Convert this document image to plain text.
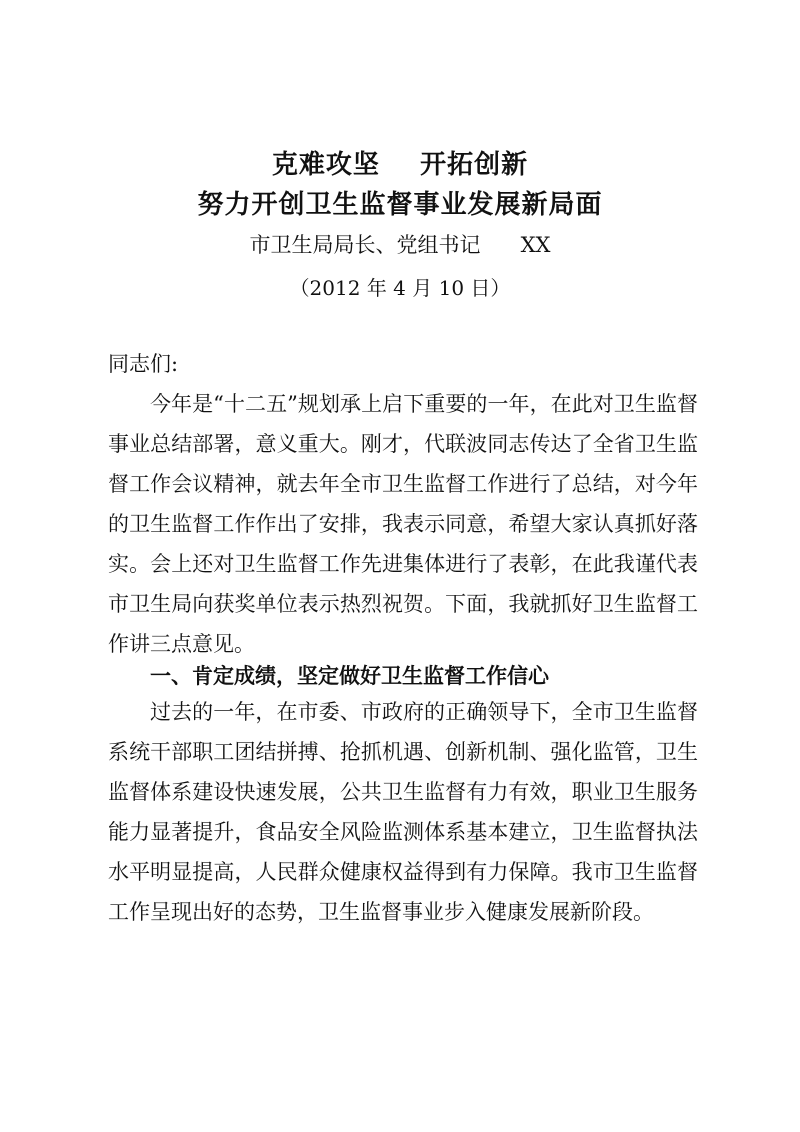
克难攻坚    开拓创新
努力开创卫生监督事业发展新局面
市卫生局局长、党组书记      XX
（2012 年 4 月 10 日）
同志们:
今年是“十二五”规划承上启下重要的一年，在此对卫生监督事业总结部署，意义重大。刚才，代联波同志传达了全省卫生监督工作会议精神，就去年全市卫生监督工作进行了总结，对今年的卫生监督工作作出了安排，我表示同意，希望大家认真抓好落实。会上还对卫生监督工作先进集体进行了表彰，在此我谨代表市卫生局向获奖单位表示热烈祝贺。下面，我就抓好卫生监督工作讲三点意见。
一、肯定成绩，坚定做好卫生监督工作信心
过去的一年，在市委、市政府的正确领导下，全市卫生监督系统干部职工团结拼搏、抢抓机遇、创新机制、强化监管，卫生监督体系建设快速发展，公共卫生监督有力有效，职业卫生服务能力显著提升，食品安全风险监测体系基本建立，卫生监督执法水平明显提高，人民群众健康权益得到有力保障。我市卫生监督工作呈现出好的态势，卫生监督事业步入健康发展新阶段。
